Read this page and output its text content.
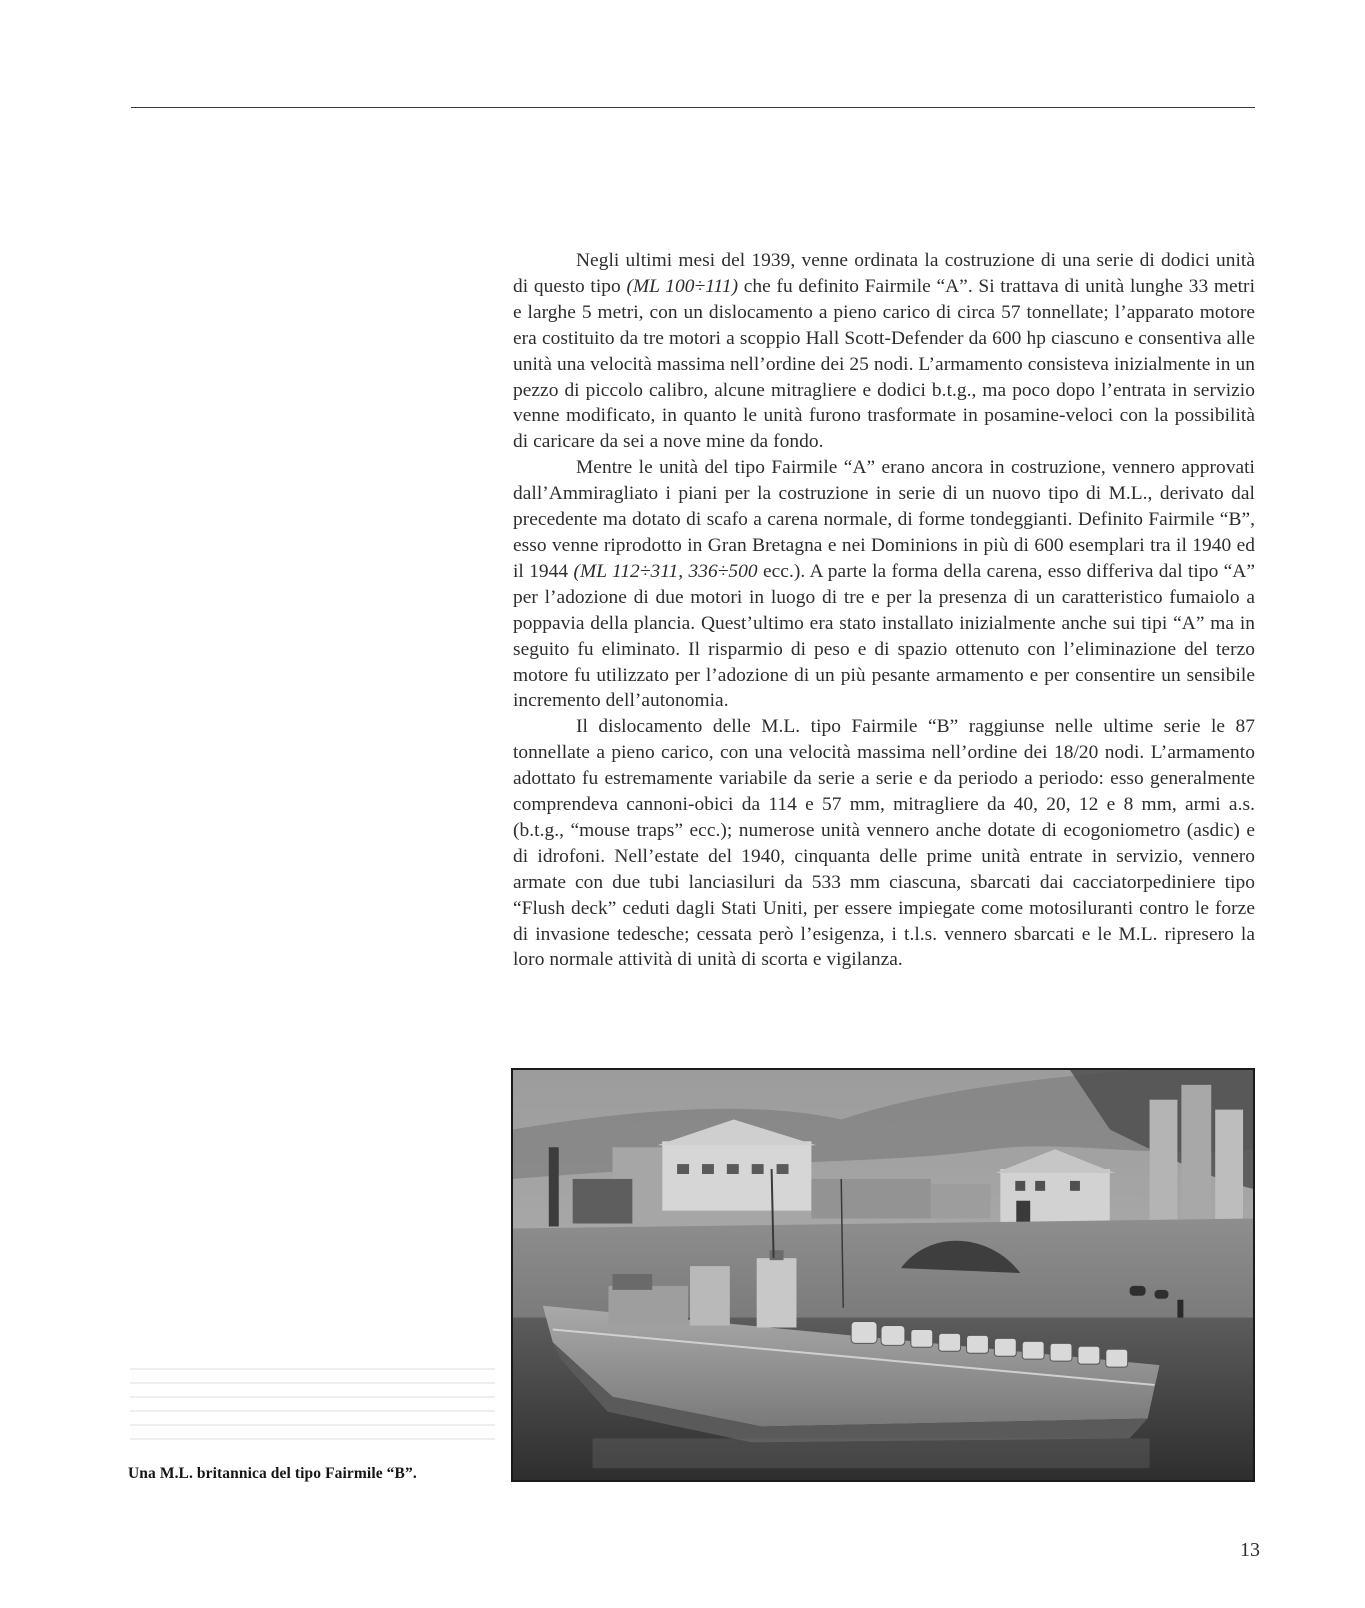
Negli ultimi mesi del 1939, venne ordinata la costruzione di una serie di dodici unità di questo tipo (ML 100÷111) che fu definito Fairmile “A”. Si trattava di unità lunghe 33 metri e larghe 5 metri, con un dislocamento a pieno carico di circa 57 tonnellate; l’apparato motore era costituito da tre motori a scoppio Hall Scott-Defender da 600 hp ciascuno e consentiva alle unità una velocità massima nell’ordine dei 25 nodi. L’armamento consisteva inizialmente in un pezzo di piccolo calibro, alcune mitragliere e dodici b.t.g., ma poco dopo l’entrata in servizio venne modificato, in quanto le unità furono trasformate in posamine-veloci con la possibilità di caricare da sei a nove mine da fondo.

Mentre le unità del tipo Fairmile “A” erano ancora in costruzione, vennero approvati dall’Ammiragliato i piani per la costruzione in serie di un nuovo tipo di M.L., derivato dal precedente ma dotato di scafo a carena normale, di forme tondeggianti. Definito Fairmile “B”, esso venne riprodotto in Gran Bretagna e nei Dominions in più di 600 esemplari tra il 1940 ed il 1944 (ML 112÷311, 336÷500 ecc.). A parte la forma della carena, esso differiva dal tipo “A” per l’adozione di due motori in luogo di tre e per la presenza di un caratteristico fumaiolo a poppavia della plancia. Quest’ultimo era stato installato inizialmente anche sui tipi “A” ma in seguito fu eliminato. Il risparmio di peso e di spazio ottenuto con l’eliminazione del terzo motore fu utilizzato per l’adozione di un più pesante armamento e per consentire un sensibile incremento dell’autonomia.

Il dislocamento delle M.L. tipo Fairmile “B” raggiunse nelle ultime serie le 87 tonnellate a pieno carico, con una velocità massima nell’ordine dei 18/20 nodi. L’armamento adottato fu estremamente variabile da serie a serie e da periodo a periodo: esso generalmente comprendeva cannoni-obici da 114 e 57 mm, mitragliere da 40, 20, 12 e 8 mm, armi a.s. (b.t.g., “mouse traps” ecc.); numerose unità vennero anche dotate di ecogoniometro (asdic) e di idrofoni. Nell’estate del 1940, cinquanta delle prime unità entrate in servizio, vennero armate con due tubi lanciasiluri da 533 mm ciascuna, sbarcati dai cacciatorpediniere tipo “Flush deck” ceduti dagli Stati Uniti, per essere impiegate come motosiluranti contro le forze di invasione tedesche; cessata però l’esigenza, i t.l.s. vennero sbarcati e le M.L. ripresero la loro normale attività di unità di scorta e vigilanza.

Una M.L. britannica del tipo Fairmile “B”.
13
